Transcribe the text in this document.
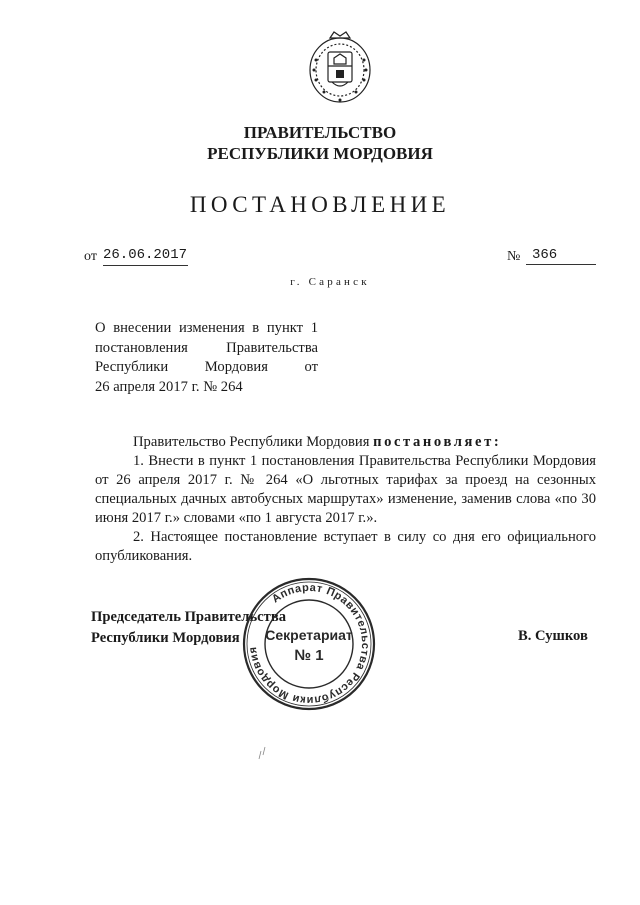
ПРАВИТЕЛЬСТВО
РЕСПУБЛИКИ МОРДОВИЯ
ПОСТАНОВЛЕНИЕ
от 26.06.2017	№ 366
г. Саранск
О внесении изменения в пункт 1
постановления Правительства
Республики Мордовия от
26 апреля 2017 г. № 264

Правительство Республики Мордовия постановляет:

1. Внести в пункт 1 постановления Правительства Республики Мордовия от 26 апреля 2017 г. № 264 «О льготных тарифах за проезд на сезонных специальных дачных автобусных маршрутах» изменение, заменив слова «по 30 июня 2017 г.» словами «по 1 августа 2017 г.».

2. Настоящее постановление вступает в силу со дня его официального опубликования.

Председатель Правительства
Республики Мордовия	В. Сушков
Аппарат Правительства Республики Мордовия
Секретариат
№ 1
